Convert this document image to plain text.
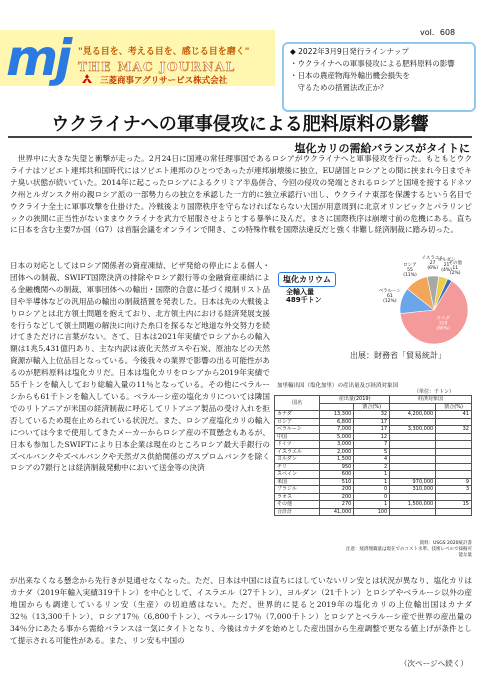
vol．608
mj "見る目を、考える目を、感じる目を磨く"
THE MAC JOURNAL
三菱商事アグリサービス株式会社
◆ 2022年3月9日発行ラインナップ
・ウクライナへの軍事侵攻による肥料原料の影響
・日本の農産物海外輸出機会損失を
　守るための措置法改正か？
ウクライナへの軍事侵攻による肥料原料の影響
塩化カリの需給バランスがタイトに
　世界中に大きな失望と衝撃が走った。2月24日に国連の常任理事国であるロシアがウクライナへと軍事侵攻を行った。もともとウクライナはソビエト連邦共和国時代にはソビエト連邦のひとつであったが連邦崩壊後に独立、EU諸国とロシアとの間に挟まれ今日までキナ臭い状態が続いていた。2014年に起こったロシアによるクリミア半島併合、今回の侵攻の発端とされるロシアと国境を接するドネツク州とルガンスク州の親ロシア派の一部勢力らの独立を承認した一方的に独立承認行い出し、ウクライナ東部を保護するという名目でウクライナ全土に軍事攻撃を仕掛けた。冷戦後より国際秩序を守らなければならない大国が用意周到に北京オリンピックとパラリンピックの狭間に正当性がないままウクライナを武力で屈服させようとする暴挙に及んだ。まさに国際秩序は崩壊寸前の危機にある。直ちに日本を含む主要7か国（G7）は首脳会議をオンラインで開き、この特殊作戦を国際法違反だと強く非難し経済制裁に踏み切った。
日本の対応としてはロシア関係者の資産凍結、ビザ発給の停止による個人・団体への制裁、SWIFT国際決済の排除やロシア銀行等の金融資産凍結による金融機関への制裁、軍事団体への輸出・国際的合意に基づく規制リスト品目や半導体などの汎用品の輸出の制裁措置を発表した。日本は先の大戦後よりロシアとは北方領土問題を抱えており、北方領土内における経済発展支援を行うなどして領土問題の解決に向けた糸口を探るなど地道な外交努力を続けてきただけに言葉がない。さて、日本は2021年実績でロシアからの輸入額は1兆5,431億円あり、主な内訳は液化天然ガスや石炭、原油などの天然資源が輸入上位品目となっている。今後我々の業界で影響の出る可能性があるのが肥料原料は塩化カリだ。日本は塩化カリをロシアから2019年実績で55千トンを輸入しており総輸入量の11％となっている。その他にベラルーシからも61千トンを輸入している。ベラルーシ産の塩化カリについては隣国でのリトアニアが米国の経済制裁に呼応してリトアニア製品の受け入れを拒否しているため現在止められている状況だ。また、ロシア産塩化カリの輸入については今まで使用してきたメーカーからロシア産の不買懸念もあるが、日本も参加したSWIFTにより日本企業は現在のところロシア最大手銀行のズベルバンクやズベルバンクや天然ガス供給関係のガスプロムバンクを除くロシアの7銀行とは経済制裁発動中において送金等の決済
が出来なくなる懸念から先行きが見通せなくなった。ただ、日本は中国には直ちにはしていないリン安とは状況が異なり、塩化カリはカナダ（2019年輸入実績319千トン）を中心として、イスラエル（27千トン）、ヨルダン（21千トン）とロシアやベラルーシ以外の産地国からも調達しているリン安（生産）の切迫感はない。ただ、世界的に見ると2019年の塩化カリの上位輸出国はカナダ32％（13,300千トン）、ロシア17％（6,800千トン）、ベラルーシ17％（7,000千トン）とロシアとベラルーシ産で世界の産出量の34％分にあたる事から需給バランスは一気にタイトとなり、今後はカナダを始めとした産出国から生産調整で更なる値上げが条件として提示される可能性がある。また、リン安も中国の
（次ページへ続く）
塩化カリウム
全輸入量
489千トン
カナダ
319
(66%)
ベラルーシ
61
(12%)
ロシア
55
(11%)
イスラエル
27
(6%)
ヨルダン
21
(4%)
その他
11
(2%)
出展：財務省「貿易統計」
加里輸出国（塩化加里）の産出量及び経済対象国
（単位：千トン）
国名	産出量(2019)		経済対象国	
		割合(%)		割合(%)
カナダ	13,300	32	4,200,000	41
ロシア	6,800	17		
ベラルーシ	7,000	17	3,300,000	32
中国	5,000	12		
ドイツ	3,000	7		
イスラエル	2,000	5		
ヨルダン	1,500	4		
チリ	950	2		
スペイン	600	1		
米国	510	1	970,000	9
ブラジル	200	0	310,000	3
ラオス	200	0		
その他	270	1	1,500,000	15
合計計	41,000	100		
資料：USGS 2020統計書
注意：経済埋蔵量は現在でのコスト水準、技術レベルで採掘可能な量
